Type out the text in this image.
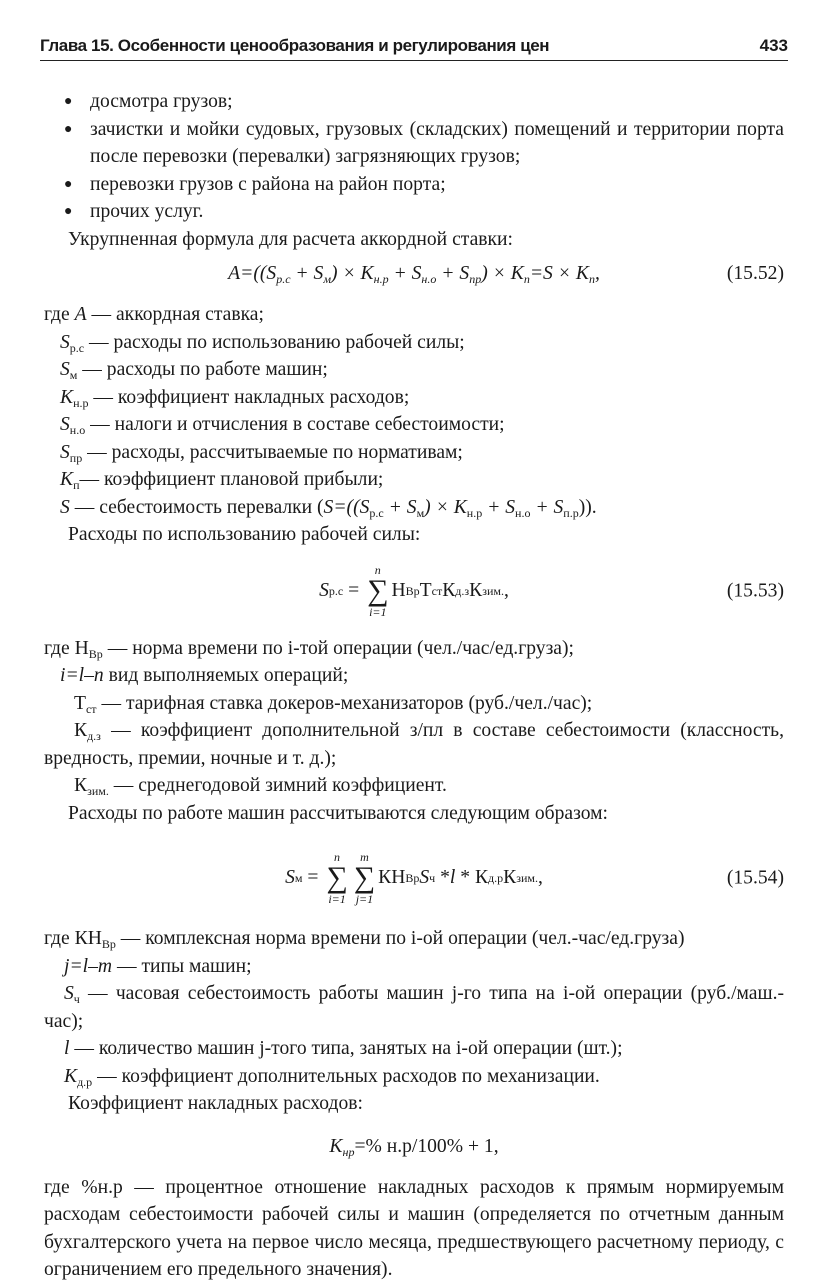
Глава 15. Особенности ценообразования и регулирования цен	433
● досмотра грузов;
● зачистки и мойки судовых, грузовых (складских) помещений и территории порта после перевозки (перевалки) загрязняющих грузов;
● перевозки грузов с района на район порта;
● прочих услуг.

Укрупненная формула для расчета аккордной ставки:

$A=((S_{р.с} + S_м) \times K_{н.р} + S_{н.о} + S_{пр}) \times K_п=S \times K_п$,	(15.52)

где A — аккордная ставка;

$S_{р.с}$ — расходы по использованию рабочей силы;

$S_м$ — расходы по работе машин;

$K_{н.р}$ — коэффициент накладных расходов;

$S_{н.о}$ — налоги и отчисления в составе себестоимости;

$S_{пр}$ — расходы, рассчитываемые по нормативам;

$K_п—$ коэффициент плановой прибыли;

S — себестоимость перевалки $(S=((S_{р.с} + S_м) \times K_{н.р} + S_{н.о} + S_{п.р}))$.

Расходы по использованию рабочей силы:

S р.с =
n
∑
i=1
Н Вр Т ст К д.з К зим. ,	(15.53)

где $Н_{Вр}$ — норма времени по i-той операции (чел./час/ед.груза);

i=l–n вид выполняемых операций;

$Т_{ст}$ — тарифная ставка докеров-механизаторов (руб./чел./час);

$К_{д.з}$ — коэффициент дополнительной з/пл в составе себестоимости (классность, вредность, премии, ночные и т. д.);

$К_{зим.}$ — среднегодовой зимний коэффициент.

Расходы по работе машин рассчитываются следующим образом:

S м =
n
∑
i=1
m
∑
j=1
КН Вр S ч * l * К д.р К зим. ,	(15.54)

где $КН_{Вр}$ — комплексная норма времени по i-ой операции (чел.-час/ед.груза)

j=l–m — типы машин;

$S_ч$ — часовая себестоимость работы машин j-го типа на i-ой операции (руб./маш.-час);

l — количество машин j-того типа, занятых на i-ой операции (шт.);

$K_{д.р}$ — коэффициент дополнительных расходов по механизации.

Коэффициент накладных расходов:

$K_{нр}=\%$ н.р/100% + 1,

где %н.р — процентное отношение накладных расходов к прямым нормируемым расходам себестоимости рабочей силы и машин (определяется по отчетным данным бухгалтерского учета на первое число месяца, предшествующего расчетному периоду, с ограничением его предельного значения).
